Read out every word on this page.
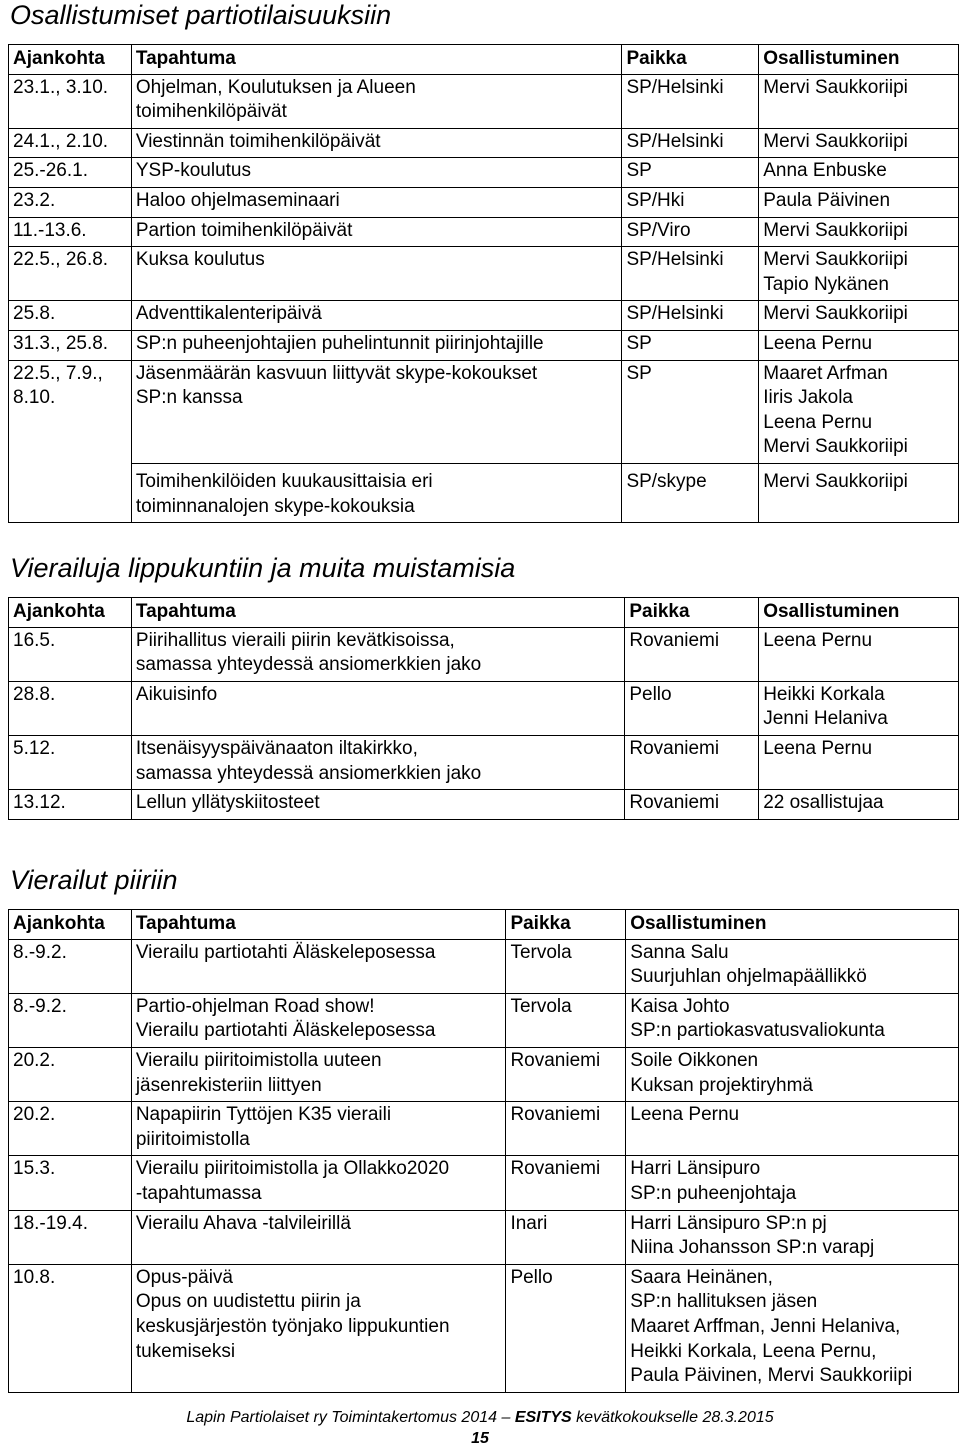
Osallistumiset partiotilaisuuksiin
Ajankohta	Tapahtuma	Paikka	Osallistuminen

23.1., 3.10.	Ohjelman, Koulutuksen ja Alueen
toimihenkilöpäivät	SP/Helsinki	Mervi Saukkoriipi

24.1., 2.10.	Viestinnän toimihenkilöpäivät	SP/Helsinki	Mervi Saukkoriipi

25.-26.1.	YSP-koulutus	SP	Anna Enbuske

23.2.	Haloo ohjelmaseminaari	SP/Hki	Paula Päivinen

11.-13.6.	Partion toimihenkilöpäivät	SP/Viro	Mervi Saukkoriipi

22.5., 26.8.	Kuksa koulutus	SP/Helsinki	Mervi Saukkoriipi
Tapio Nykänen

25.8.	Adventtikalenteripäivä	SP/Helsinki	Mervi Saukkoriipi

31.3., 25.8.	SP:n puheenjohtajien puhelintunnit piirinjohtajille	SP	Leena Pernu

22.5., 7.9.,
8.10.	Jäsenmäärän kasvuun liittyvät skype-kokoukset
SP:n kanssa	SP	Maaret Arfman
Iiris Jakola
Leena Pernu
Mervi Saukkoriipi

	Toimihenkilöiden kuukausittaisia eri
toiminnanalojen skype-kokouksia	SP/skype	Mervi Saukkoriipi
Vierailuja lippukuntiin ja muita muistamisia
Ajankohta	Tapahtuma	Paikka	Osallistuminen

16.5.	Piirihallitus vieraili piirin kevätkisoissa,
samassa yhteydessä ansiomerkkien jako	Rovaniemi	Leena Pernu

28.8.	Aikuisinfo	Pello	Heikki Korkala
Jenni Helaniva

5.12.	Itsenäisyyspäivänaaton iltakirkko,
samassa yhteydessä ansiomerkkien jako	Rovaniemi	Leena Pernu

13.12.	Lellun yllätyskiitosteet	Rovaniemi	22 osallistujaa
Vierailut piiriin
Ajankohta	Tapahtuma	Paikka	Osallistuminen

8.-9.2.	Vierailu partiotahti Äläskeleposessa	Tervola	Sanna Salu
Suurjuhlan ohjelmapäällikkö

8.-9.2.	Partio-ohjelman Road show!
Vierailu partiotahti Äläskeleposessa	Tervola	Kaisa Johto
SP:n partiokasvatusvaliokunta

20.2.	Vierailu piiritoimistolla uuteen
jäsenrekisteriin liittyen	Rovaniemi	Soile Oikkonen
Kuksan projektiryhmä

20.2.	Napapiirin Tyttöjen K35 vieraili
piiritoimistolla	Rovaniemi	Leena Pernu

15.3.	Vierailu piiritoimistolla ja Ollakko2020
-tapahtumassa	Rovaniemi	Harri Länsipuro
SP:n puheenjohtaja

18.-19.4.	Vierailu Ahava -talvileirillä	Inari	Harri Länsipuro SP:n pj
Niina Johansson SP:n varapj

10.8.	Opus-päivä
Opus on uudistettu piirin ja
keskusjärjestön työnjako lippukuntien
tukemiseksi	Pello	Saara Heinänen,
SP:n hallituksen jäsen
Maaret Arffman, Jenni Helaniva,
Heikki Korkala, Leena Pernu,
Paula Päivinen, Mervi Saukkoriipi
Lapin Partiolaiset ry Toimintakertomus 2014 – ESITYS kevätkokoukselle 28.3.2015
15
